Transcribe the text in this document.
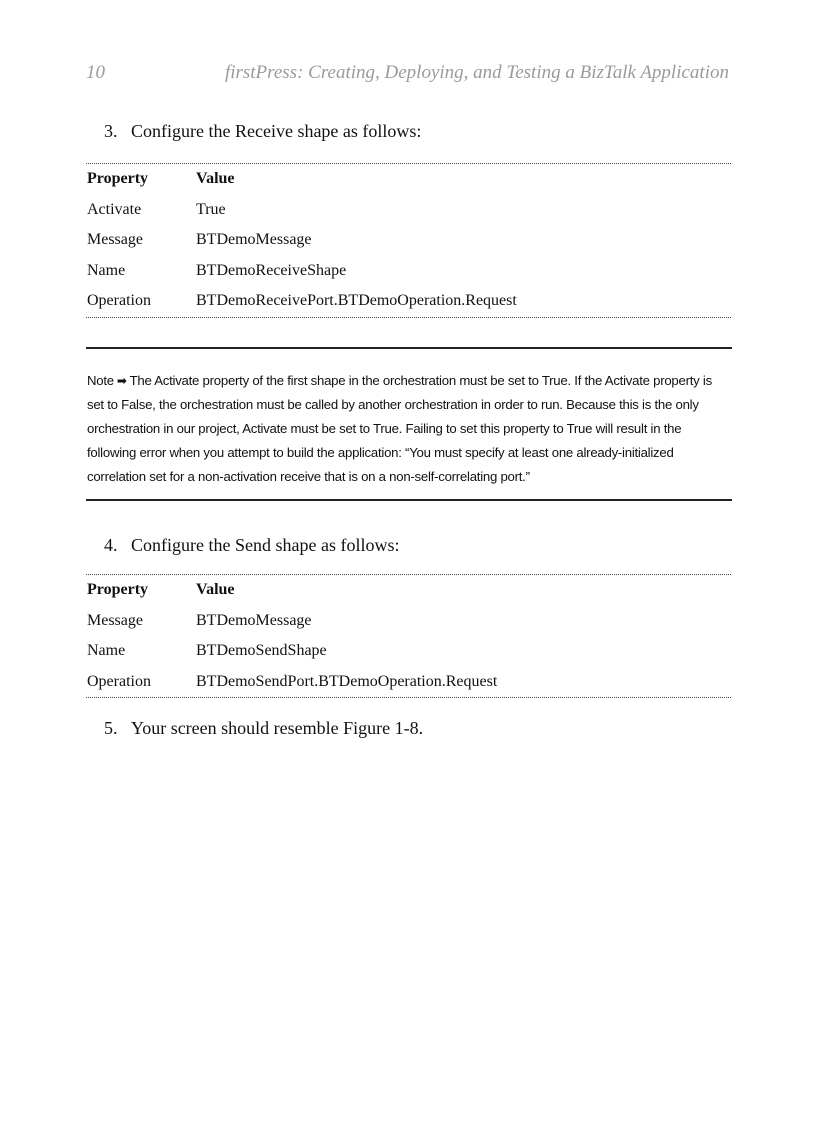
10	firstPress: Creating, Deploying, and Testing a BizTalk Application
3. Configure the Receive shape as follows:
Property	Value
Activate	True
Message	BTDemoMessage
Name	BTDemoReceiveShape
Operation	BTDemoReceivePort.BTDemoOperation.Request
Note ➡ The Activate property of the first shape in the orchestration must be set to True. If the Activate property is set to False, the orchestration must be called by another orchestration in order to run. Because this is the only orchestration in our project, Activate must be set to True. Failing to set this property to True will result in the following error when you attempt to build the application: “You must specify at least one already-initialized correlation set for a non-activation receive that is on a non-self-correlating port.”
4. Configure the Send shape as follows:
Property	Value
Message	BTDemoMessage
Name	BTDemoSendShape
Operation	BTDemoSendPort.BTDemoOperation.Request
5. Your screen should resemble Figure 1-8.
